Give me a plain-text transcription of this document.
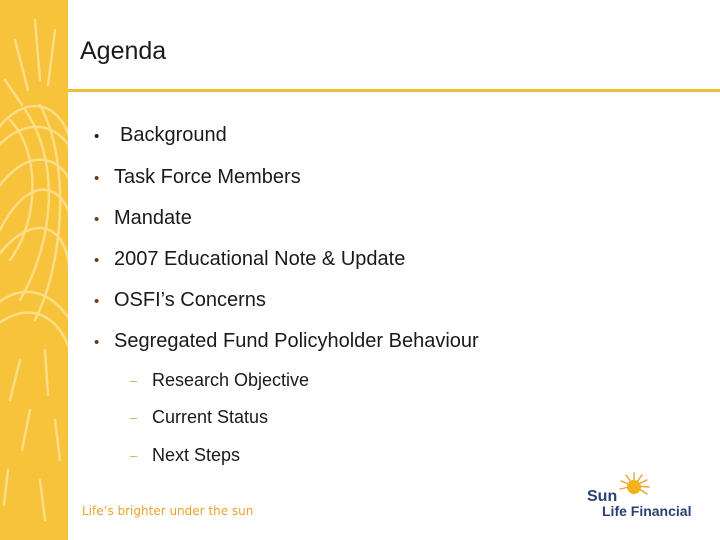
Agenda
• Background
• Task Force Members
• Mandate
• 2007 Educational Note & Update
• OSFI’s Concerns
• Segregated Fund Policyholder Behaviour
– Research Objective
– Current Status
– Next Steps
Life’s brighter under the sun
Sun
Life Financial
